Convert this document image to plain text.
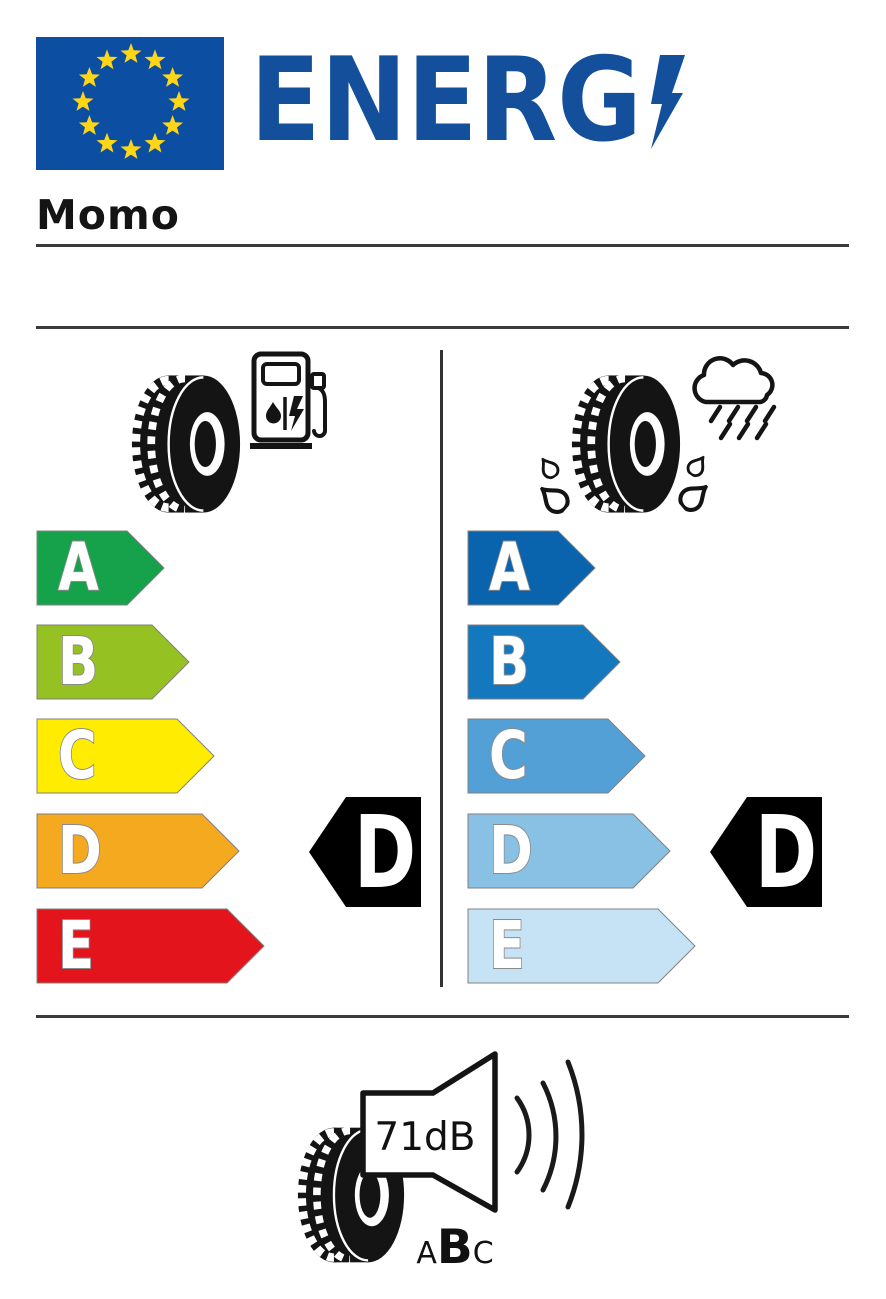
ENERG
Momo
A
B
C
D
E
D
A
B
C
D
E
D
71dB
ABC
